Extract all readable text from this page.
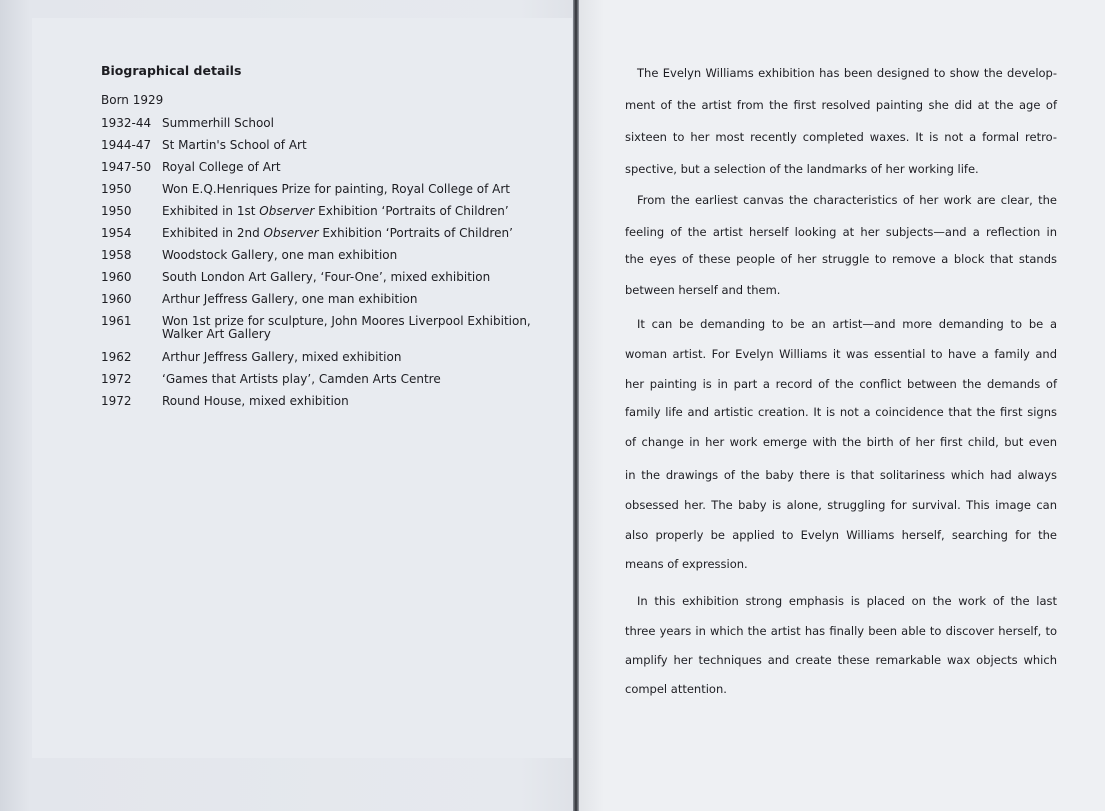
Biographical details
Born 1929
1932-44 Summerhill School
1944-47 St Martin's School of Art
1947-50 Royal College of Art
1950	Won E.Q.Henriques Prize for painting, Royal College of Art
1950	Exhibited in 1st Observer Exhibition ‘Portraits of Children’
1954	Exhibited in 2nd Observer Exhibition ‘Portraits of Children’
1958	Woodstock Gallery, one man exhibition
1960	South London Art Gallery, ‘Four-One’, mixed exhibition
1960	Arthur Jeffress Gallery, one man exhibition
1961	Won 1st prize for sculpture, John Moores Liverpool Exhibition,
Walker Art Gallery
1962	Arthur Jeffress Gallery, mixed exhibition
1972	‘Games that Artists play’, Camden Arts Centre
1972	Round House, mixed exhibition
The Evelyn Williams exhibition has been designed to show the develop-
ment of the artist from the first resolved painting she did at the age of
sixteen to her most recently completed waxes. It is not a formal retro-
spective, but a selection of the landmarks of her working life.
From the earliest canvas the characteristics of her work are clear, the
feeling of the artist herself looking at her subjects—and a reflection in
the eyes of these people of her struggle to remove a block that stands
between herself and them.
It can be demanding to be an artist—and more demanding to be a
woman artist. For Evelyn Williams it was essential to have a family and
her painting is in part a record of the conflict between the demands of
family life and artistic creation. It is not a coincidence that the first signs
of change in her work emerge with the birth of her first child, but even
in the drawings of the baby there is that solitariness which had always
obsessed her. The baby is alone, struggling for survival. This image can
also properly be applied to Evelyn Williams herself, searching for the
means of expression.
In this exhibition strong emphasis is placed on the work of the last
three years in which the artist has finally been able to discover herself, to
amplify her techniques and create these remarkable wax objects which
compel attention.
